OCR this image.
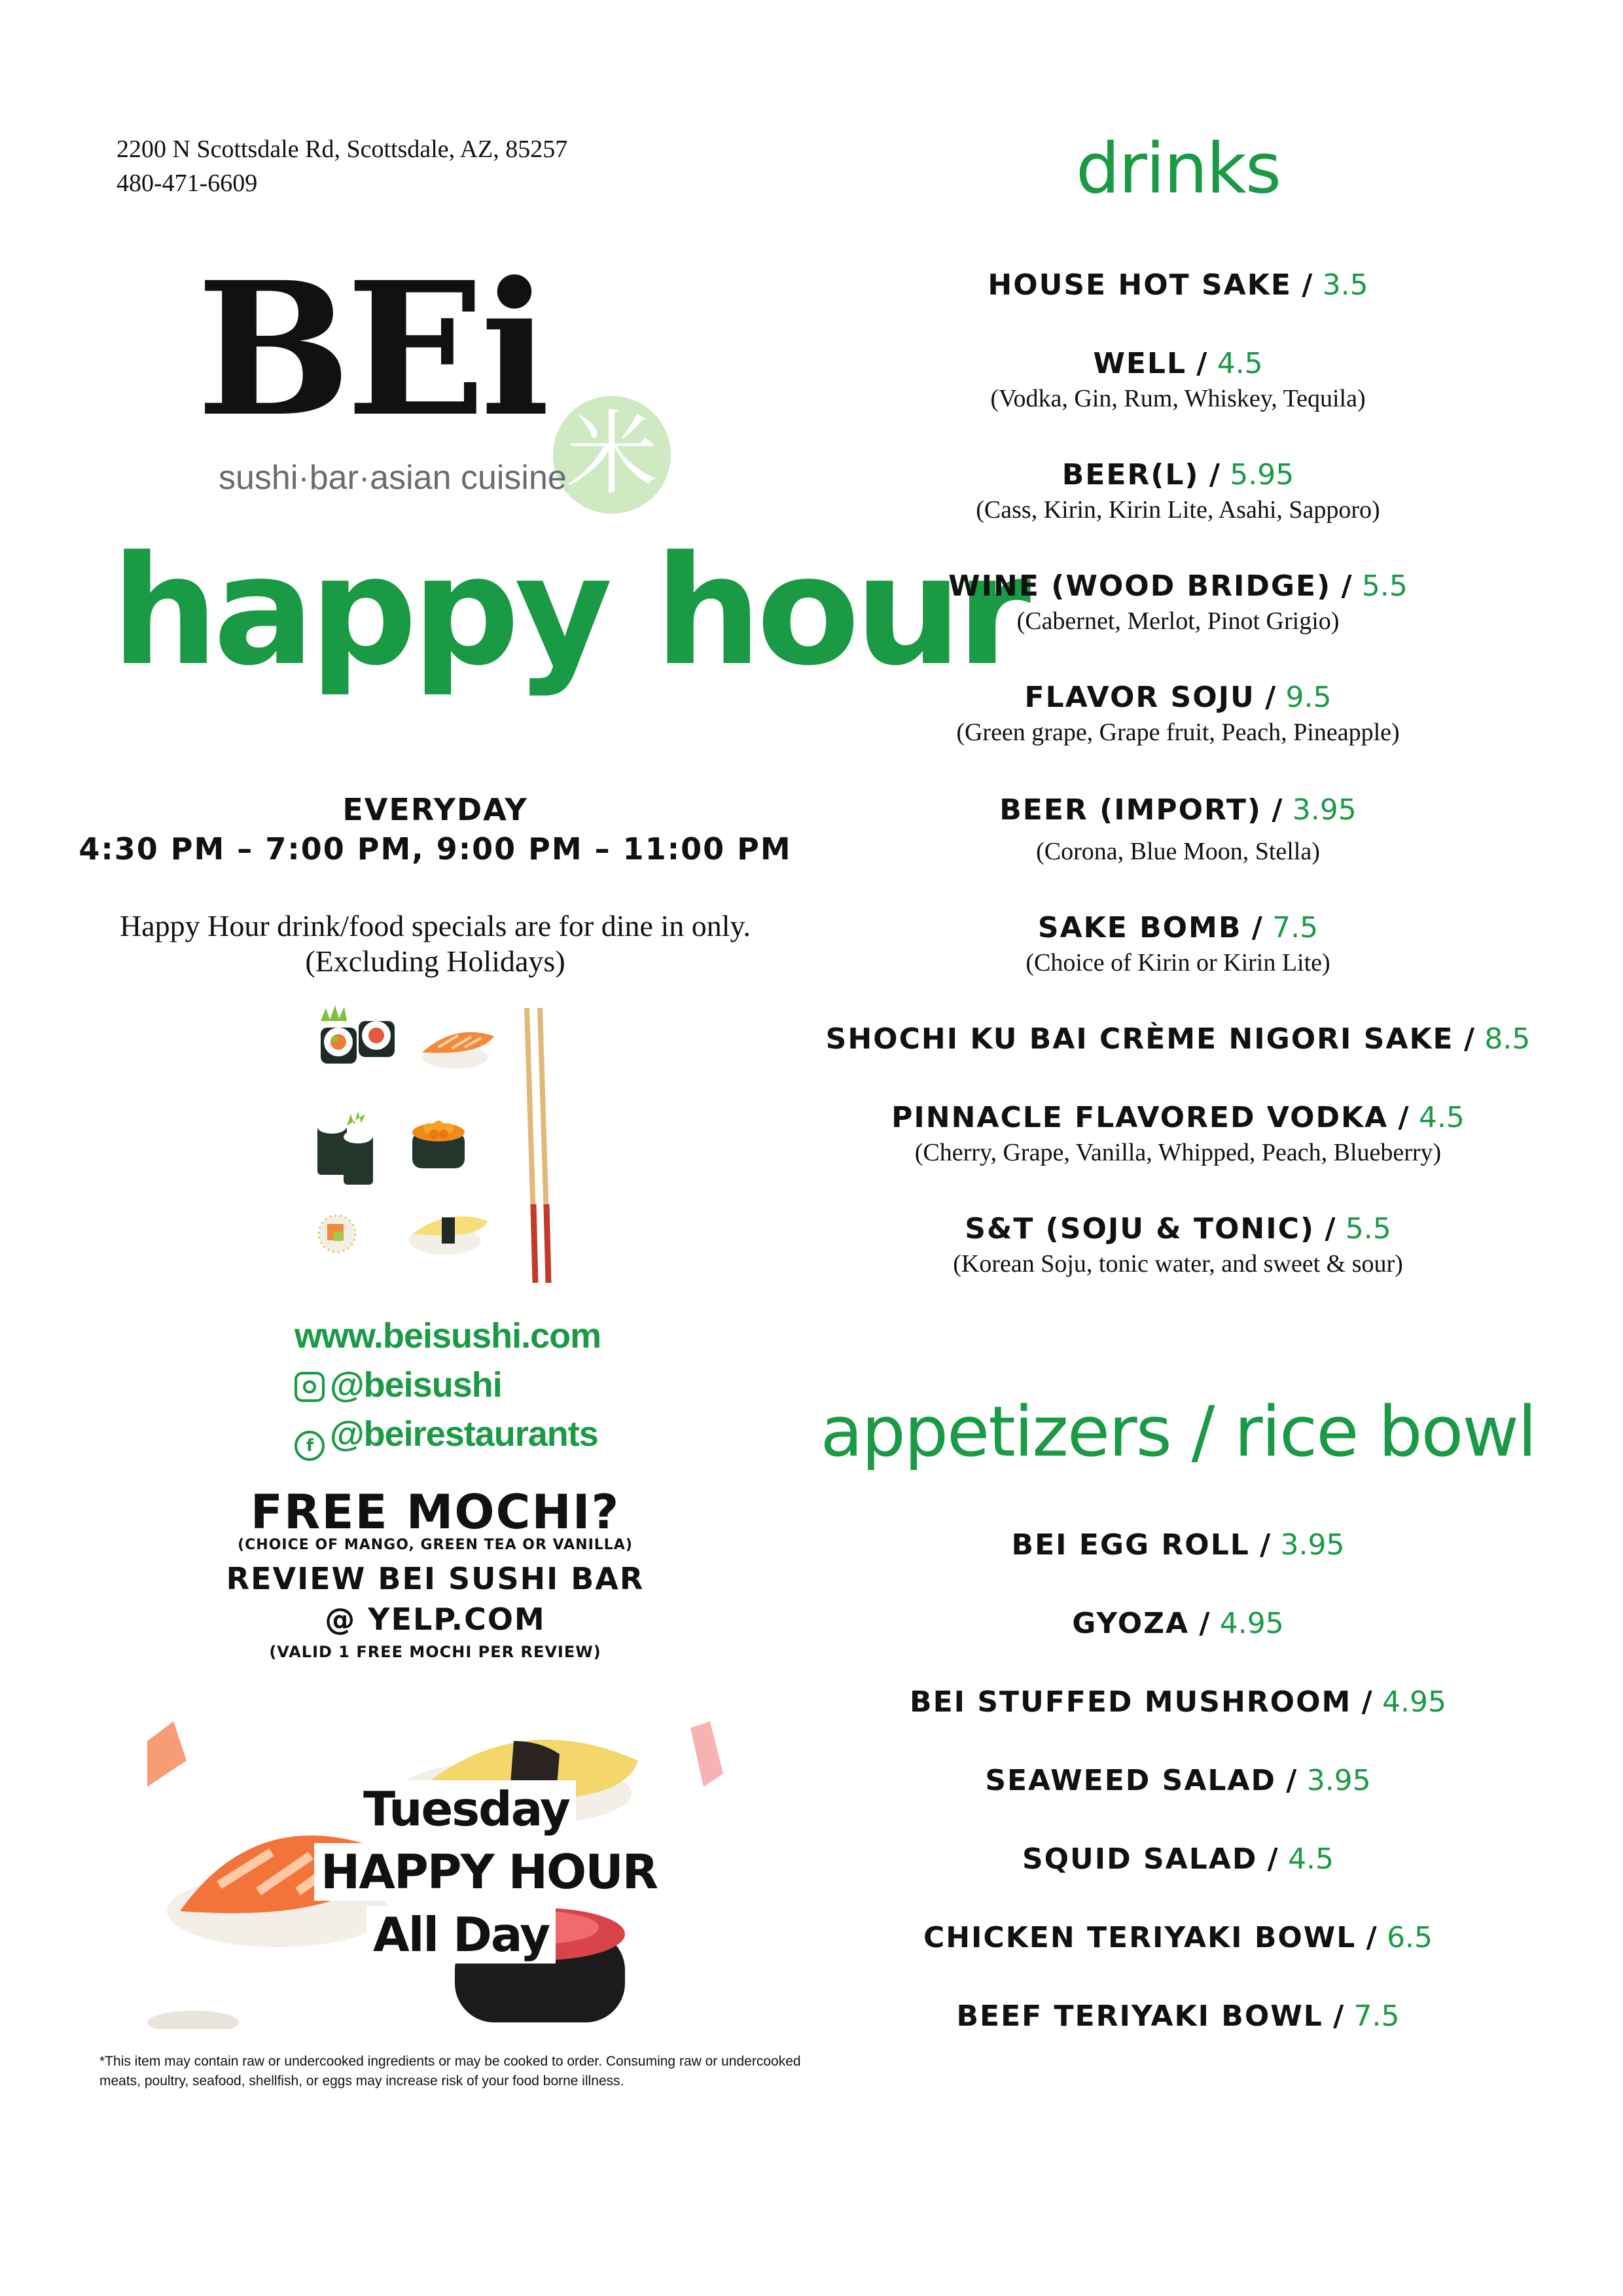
2200 N Scottsdale Rd, Scottsdale, AZ, 85257
480-471-6609
米
BEi
sushi·bar·asian cuisine
happy hour
EVERYDAY
4:30 PM – 7:00 PM, 9:00 PM – 11:00 PM
Happy Hour drink/food specials are for dine in only.
(Excluding Holidays)
www.beisushi.com
@beisushi
f @beirestaurants
FREE MOCHI?
(CHOICE OF MANGO, GREEN TEA OR VANILLA)
REVIEW BEI SUSHI BAR
@ YELP.COM
(VALID 1 FREE MOCHI PER REVIEW)
Tuesday
HAPPY HOUR
All Day
*This item may contain raw or undercooked ingredients or may be cooked to order. Consuming raw or undercooked meats, poultry, seafood, shellfish, or eggs may increase risk of your food borne illness.
drinks
HOUSE HOT SAKE / 3.5
WELL / 4.5
(Vodka, Gin, Rum, Whiskey, Tequila)
BEER(L) / 5.95
(Cass, Kirin, Kirin Lite, Asahi, Sapporo)
WINE (WOOD BRIDGE) / 5.5
(Cabernet, Merlot, Pinot Grigio)
FLAVOR SOJU / 9.5
(Green grape, Grape fruit, Peach, Pineapple)
BEER (IMPORT) / 3.95
(Corona, Blue Moon, Stella)
SAKE BOMB / 7.5
(Choice of Kirin or Kirin Lite)
SHOCHI KU BAI CRÈME NIGORI SAKE / 8.5
PINNACLE FLAVORED VODKA / 4.5
(Cherry, Grape, Vanilla, Whipped, Peach, Blueberry)
S&T (SOJU & TONIC) / 5.5
(Korean Soju, tonic water, and sweet & sour)
appetizers / rice bowl
BEI EGG ROLL / 3.95
GYOZA / 4.95
BEI STUFFED MUSHROOM / 4.95
SEAWEED SALAD / 3.95
SQUID SALAD / 4.5
CHICKEN TERIYAKI BOWL / 6.5
BEEF TERIYAKI BOWL / 7.5
